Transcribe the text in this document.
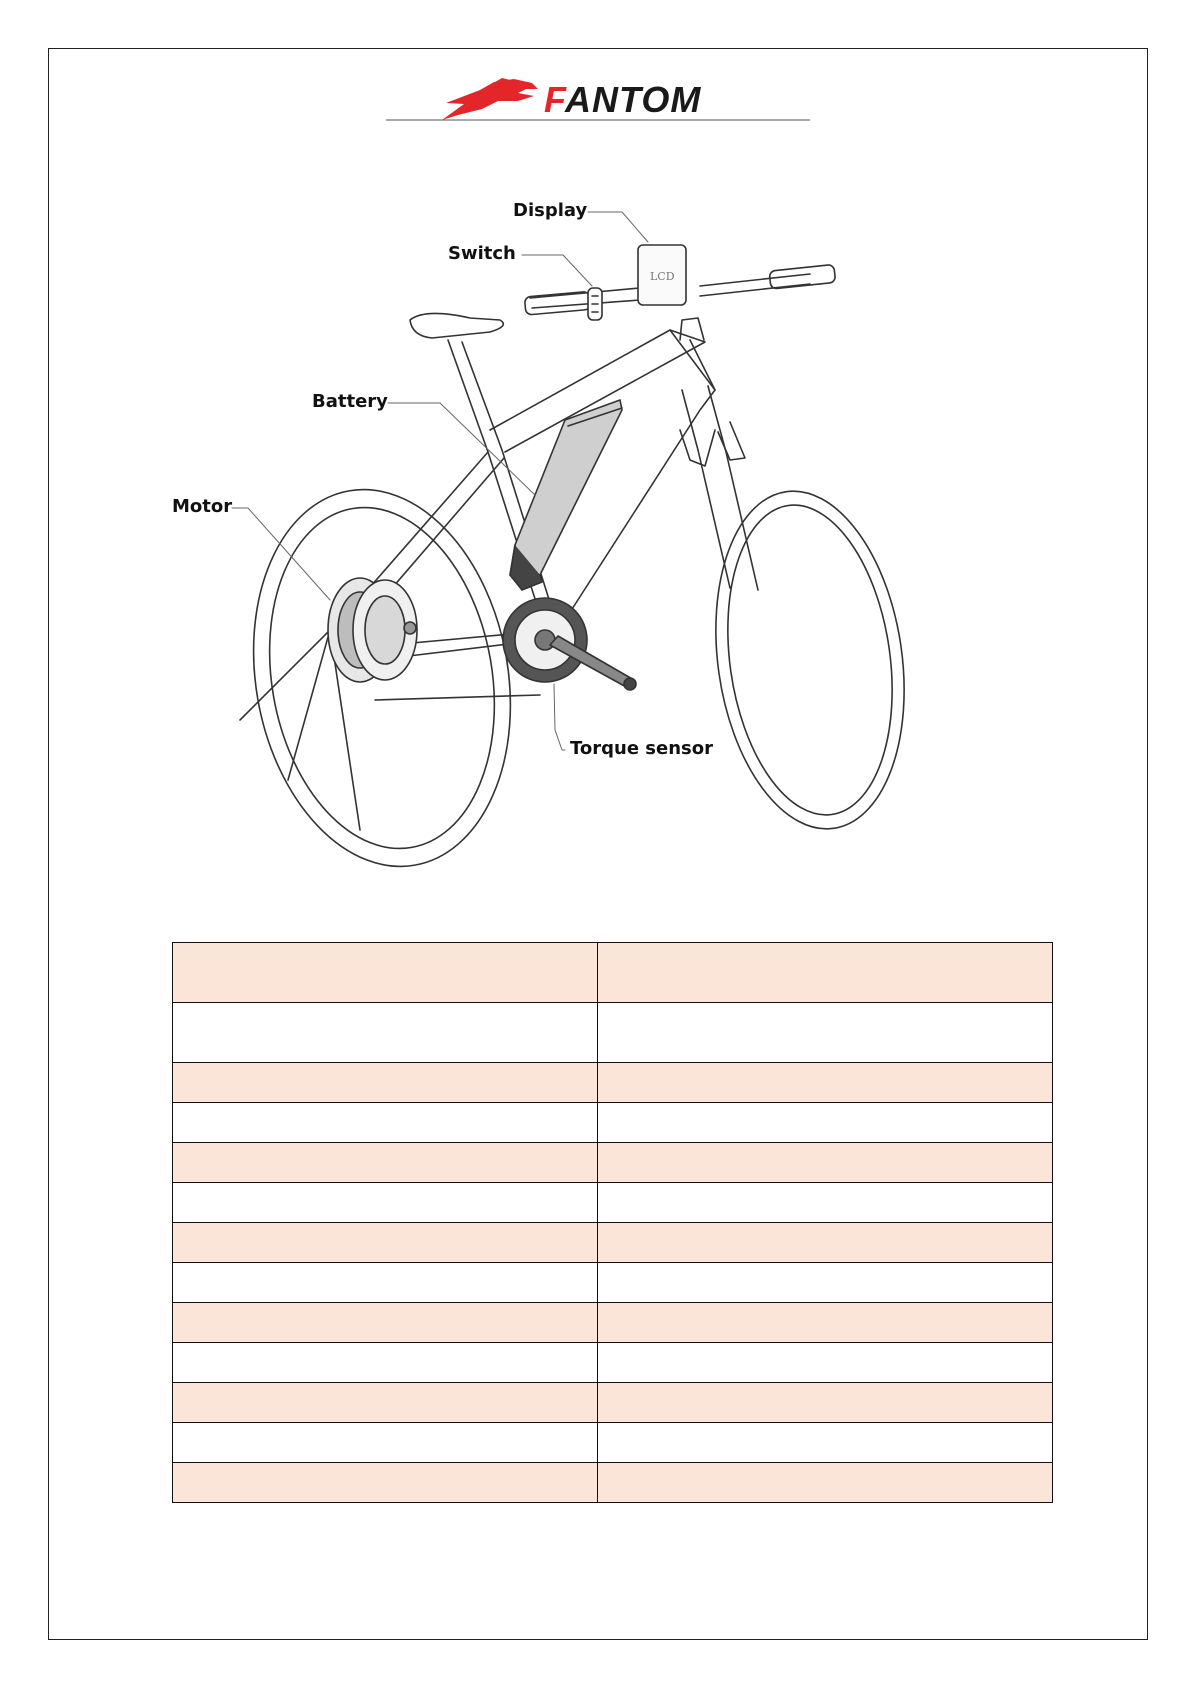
FANTOM
LCD
Display
Switch
Battery
Motor
Torque sensor
